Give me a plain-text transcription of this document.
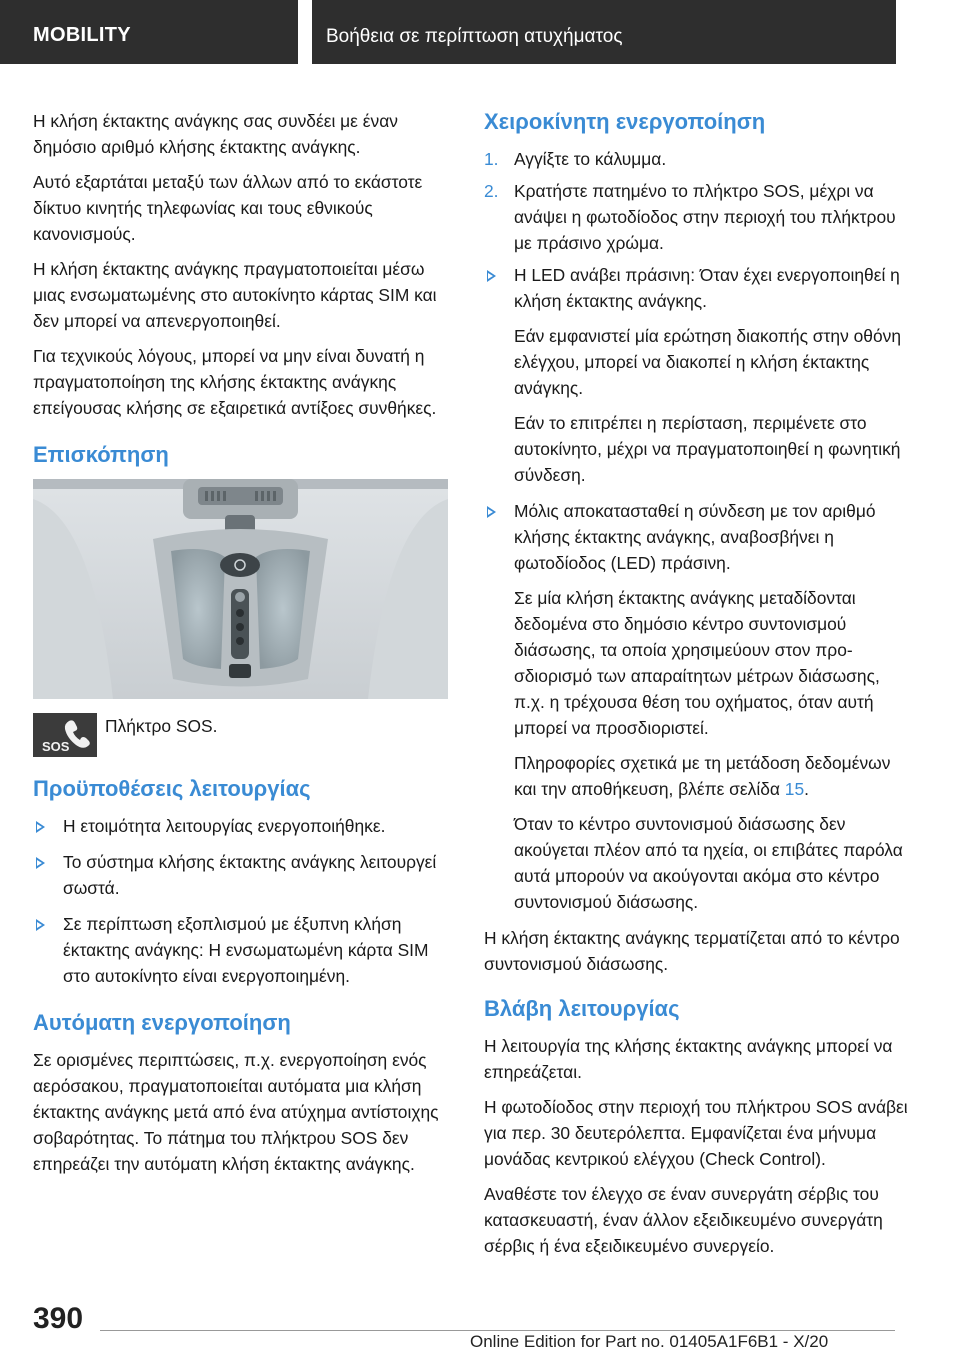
MOBILITY	Βοήθεια σε περίπτωση ατυχήματος

Η κλήση έκτακτης ανάγκης σας συνδέει με έναν δημόσιο αριθμό κλήσης έκτακτης ανάγκης.

Αυτό εξαρτάται μεταξύ των άλλων από το εκάστοτε δίκτυο κινητής τηλεφωνίας και τους εθνικούς κανονισμούς.

Η κλήση έκτακτης ανάγκης πραγματοποιείται μέσω μιας ενσωματωμένης στο αυτοκίνητο κάρτας SIM και δεν μπορεί να απενεργοποιηθεί.

Για τεχνικούς λόγους, μπορεί να μην είναι δυνατή η πραγματοποίηση της κλήσης έκτακτης ανάγκης επείγουσας κλήσης σε εξαιρετικά αντίξοες συνθήκες.

Επισκόπηση
SOS
Πλήκτρο SOS.
Προϋποθέσεις λειτουργίας
Η ετοιμότητα λειτουργίας ενεργοποιήθηκε.
Το σύστημα κλήσης έκτακτης ανάγκης λειτουργεί σωστά.
Σε περίπτωση εξοπλισμού με έξυπνη κλήση έκτακτης ανάγκης: Η ενσωματωμένη κάρτα SIM στο αυτοκίνητο είναι ενεργοποιημένη.
Αυτόματη ενεργοποίηση

Σε ορισμένες περιπτώσεις, π.χ. ενεργοποίηση ενός αερόσακου, πραγματοποιείται αυτόματα μια κλήση έκτακτης ανάγκης μετά από ένα ατύχημα αντίστοιχης σοβαρότητας. Το πάτημα του πλήκτρου SOS δεν επηρεάζει την αυτόματη κλήση έκτακτης ανάγκης.

Χειροκίνητη ενεργοποίηση
1. Αγγίξτε το κάλυμμα.
2. Κρατήστε πατημένο το πλήκτρο SOS, μέχρι να ανάψει η φωτοδίοδος στην περιοχή του πλήκτρου με πράσινο χρώμα.
Η LED ανάβει πράσινη: Όταν έχει ενεργοποιηθεί η κλήση έκτακτης ανάγκης.

Εάν εμφανιστεί μία ερώτηση διακοπής στην οθόνη ελέγχου, μπορεί να διακοπεί η κλήση έκτακτης ανάγκης.

Εάν το επιτρέπει η περίσταση, περιμένετε στο αυτοκίνητο, μέχρι να πραγματοποιηθεί η φωνητική σύνδεση.

Μόλις αποκατασταθεί η σύνδεση με τον αριθμό κλήσης έκτακτης ανάγκης, αναβοσβήνει η φωτοδίοδος (LED) πράσινη.

Σε μία κλήση έκτακτης ανάγκης μεταδίδονται δεδομένα στο δημόσιο κέντρο συντονισμού διάσωσης, τα οποία χρησιμεύουν στον προσδιορισμό των απαραίτητων μέτρων διάσωσης, π.χ. η τρέχουσα θέση του οχήματος, όταν αυτή μπορεί να προσδιοριστεί.

Πληροφορίες σχετικά με τη μετάδοση δεδομένων και την αποθήκευση, βλέπε σελίδα 15.

Όταν το κέντρο συντονισμού διάσωσης δεν ακούγεται πλέον από τα ηχεία, οι επιβάτες παρόλα αυτά μπορούν να ακούγονται ακόμα στο κέντρο συντονισμού διάσωσης.

Η κλήση έκτακτης ανάγκης τερματίζεται από το κέντρο συντονισμού διάσωσης.

Βλάβη λειτουργίας

Η λειτουργία της κλήσης έκτακτης ανάγκης μπορεί να επηρεάζεται.

Η φωτοδίοδος στην περιοχή του πλήκτρου SOS ανάβει για περ. 30 δευτερόλεπτα. Εμφανίζεται ένα μήνυμα μονάδας κεντρικού ελέγχου (Check Control).

Αναθέστε τον έλεγχο σε έναν συνεργάτη σέρβις του κατασκευαστή, έναν άλλον εξειδικευμένο συνεργάτη σέρβις ή ένα εξειδικευμένο συνεργείο.

390
Online Edition for Part no. 01405A1F6B1 - X/20
